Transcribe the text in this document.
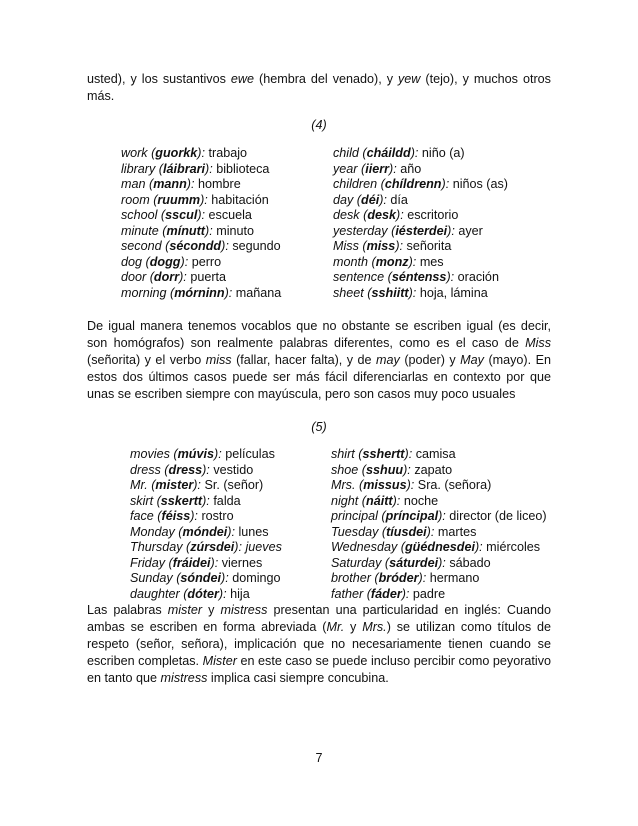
usted), y los sustantivos ewe (hembra del venado), y yew (tejo), y muchos otros más.

(4)
work (guorkk): trabajo
library (láibrari): biblioteca
man (mann): hombre
room (ruumm): habitación
school (sscul): escuela
minute (mínutt): minuto
second (sécondd): segundo
dog (dogg): perro
door (dorr): puerta
morning (mórninn): mañana
child (cháildd): niño (a)
year (iierr): año
children (chíldrenn): niños (as)
day (déi): día
desk (desk): escritorio
yesterday (iésterdei): ayer
Miss (miss): señorita
month (monz): mes
sentence (séntenss): oración
sheet (sshiitt): hoja, lámina

De igual manera tenemos vocablos que no obstante se escriben igual (es decir, son homógrafos) son realmente palabras diferentes, como es el caso de Miss (señorita) y el verbo miss (fallar, hacer falta), y de may (poder) y May (mayo). En estos dos últimos casos puede ser más fácil diferenciarlas en contexto por que unas se escriben siempre con mayúscula, pero son casos muy poco usuales

(5)
movies (múvis): películas
dress (dress): vestido
Mr. (mister): Sr. (señor)
skirt (sskertt): falda
face (féiss): rostro
Monday (móndei): lunes
Thursday (zúrsdei): jueves
Friday (fráidei): viernes
Sunday (sóndei): domingo
daughter (dóter): hija
shirt (sshertt): camisa
shoe (sshuu): zapato
Mrs. (missus): Sra. (señora)
night (náitt): noche
principal (príncipal): director (de liceo)
Tuesday (tíusdei): martes
Wednesday (güédnesdei): miércoles
Saturday (sáturdei): sábado
brother (bróder): hermano
father (fáder): padre

Las palabras mister y mistress presentan una particularidad en inglés: Cuando ambas se escriben en forma abreviada (Mr. y Mrs.) se utilizan como títulos de respeto (señor, señora), implicación que no necesariamente tienen cuando se escriben completas. Mister en este caso se puede incluso percibir como peyorativo en tanto que mistress implica casi siempre concubina.

7
